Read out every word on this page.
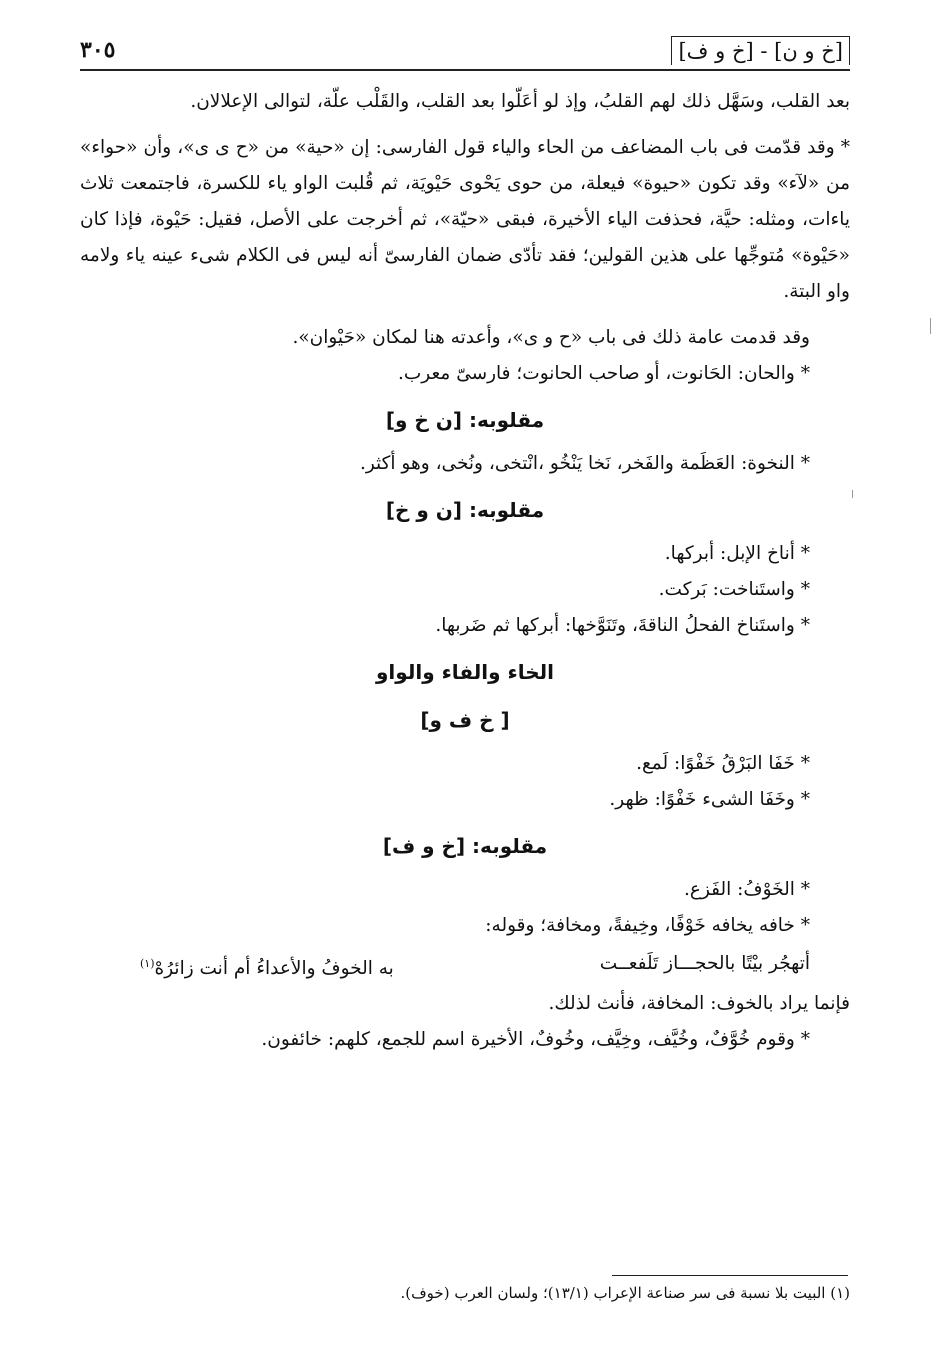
[خ و ن] - [خ و ف]
٣٠٥

بعد القلب، وسَهَّل ذلك لهم القلبُ، وإذ لو أعَلّوا بعد القلب، والقَلْب علّة، لتوالى الإعلالان.

* وقد قدّمت فى باب المضاعف من الحاء والياء قول الفارسى: إن «حية» من «ح ى ى»، وأن «حواء» من «لآء» وقد تكون «حيوة» فيعلة، من حوى يَحْوى حَيْويَة، ثم قُلبت الواو ياء للكسرة، فاجتمعت ثلاث ياءات، ومثله: حيَّة، فحذفت الياء الأخيرة، فبقى «حيّة»، ثم أخرجت على الأصل، فقيل: حَيْوة، فإذا كان «حَيْوة» مُتوجِّها على هذين القولين؛ فقد تأدّى ضمان الفارسىّ أنه ليس فى الكلام شىء عينه ياء ولامه واو البتة.

وقد قدمت عامة ذلك فى باب «ح و ى»، وأعدته هنا لمكان «حَيْوان».

* والحان: الحَانوت، أو صاحب الحانوت؛ فارسىّ معرب.

مقلوبه: [ن خ و]

* النخوة: العَظَمة والفَخر، نَخا يَنْخُو ،انْتخى، ونُخى، وهو أكثر.

مقلوبه: [ن و خ]

* أناخ الإبل: أبركها.

* واستَناخت: بَركت.

* واستَناخ الفحلُ الناقةَ، وتَنَوَّخها: أبركها ثم ضَربها.

الخاء والفاء والواو
[ خ ف و]

* خَفَا البَرْقُ خَفْوًا: لَمع.

* وخَفَا الشىء خَفْوًا: ظهر.

مقلوبه: [خ و ف]

* الخَوْفُ: الفَزع.

* خافه يخافه خَوْفًا، وخِيفةً، ومخافة؛ وقوله:

أتهجُر بيْتًا بالحجـــاز تَلَفعــت
به الخوفُ والأعداءُ أم أنت زائرُهْ$^{(١)}$

فإنما يراد بالخوف: المخافة، فأنث لذلك.

* وقوم خُوَّفٌ، وخُيَّف، وخِيَّف، وخُوفٌ، الأخيرة اسم للجمع، كلهم: خائفون.

(١) البيت بلا نسبة فى سر صناعة الإعراب (١٣/١)؛ ولسان العرب (خوف).
